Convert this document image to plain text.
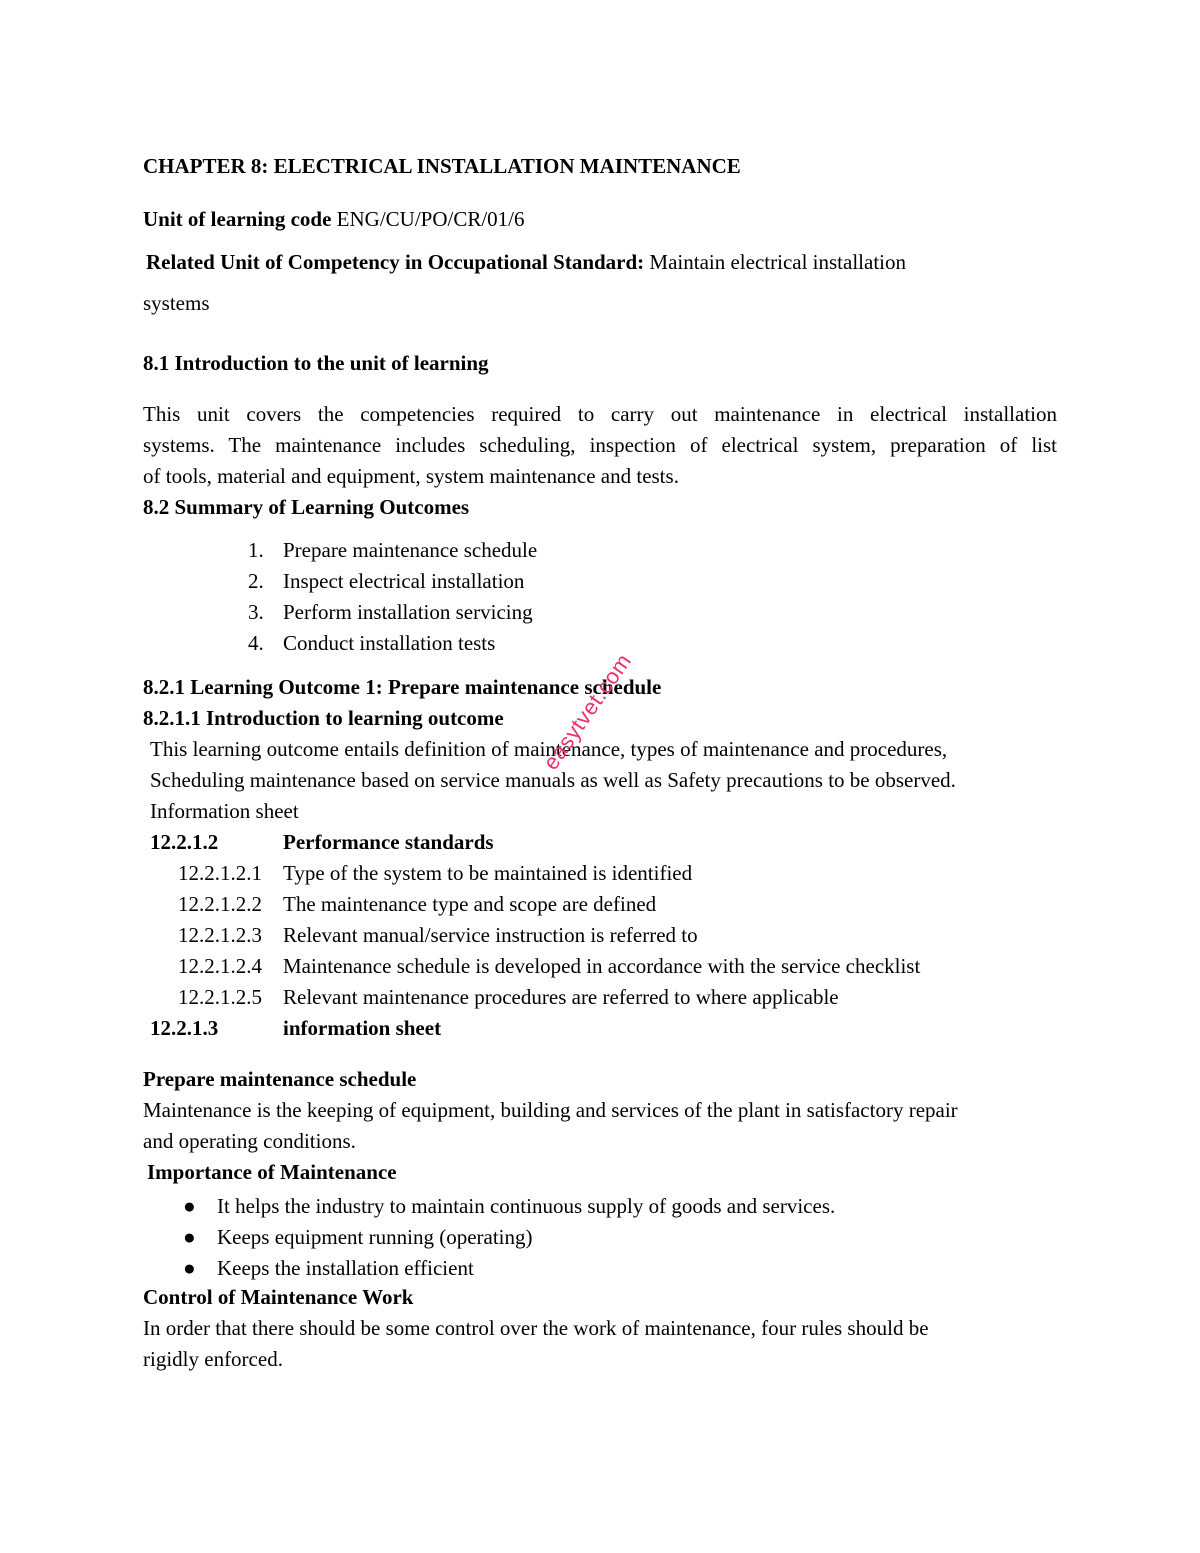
CHAPTER 8: ELECTRICAL INSTALLATION MAINTENANCE
Unit of learning code ENG/CU/PO/CR/01/6
Related Unit of Competency in Occupational Standard: Maintain electrical installation
systems
8.1 Introduction to the unit of learning
This unit covers the competencies required to carry out maintenance in electrical installation
systems. The maintenance includes scheduling, inspection of electrical system, preparation of list
of tools, material and equipment, system maintenance and tests.
8.2 Summary of Learning Outcomes
1. Prepare maintenance schedule
2. Inspect electrical installation
3. Perform installation servicing
4. Conduct installation tests
8.2.1 Learning Outcome 1: Prepare maintenance schedule
8.2.1.1 Introduction to learning outcome
This learning outcome entails definition of maintenance, types of maintenance and procedures,
Scheduling maintenance based on service manuals as well as Safety precautions to be observed.
Information sheet
12.2.1.2	Performance standards
12.2.1.2.1 Type of the system to be maintained is identified
12.2.1.2.2 The maintenance type and scope are defined
12.2.1.2.3 Relevant manual/service instruction is referred to
12.2.1.2.4 Maintenance schedule is developed in accordance with the service checklist
12.2.1.2.5 Relevant maintenance procedures are referred to where applicable
12.2.1.3	information sheet
Prepare maintenance schedule
Maintenance is the keeping of equipment, building and services of the plant in satisfactory repair
and operating conditions.
Importance of Maintenance
● It helps the industry to maintain continuous supply of goods and services.
● Keeps equipment running (operating)
● Keeps the installation efficient
Control of Maintenance Work
In order that there should be some control over the work of maintenance, four rules should be
rigidly enforced.
easytvet.com
